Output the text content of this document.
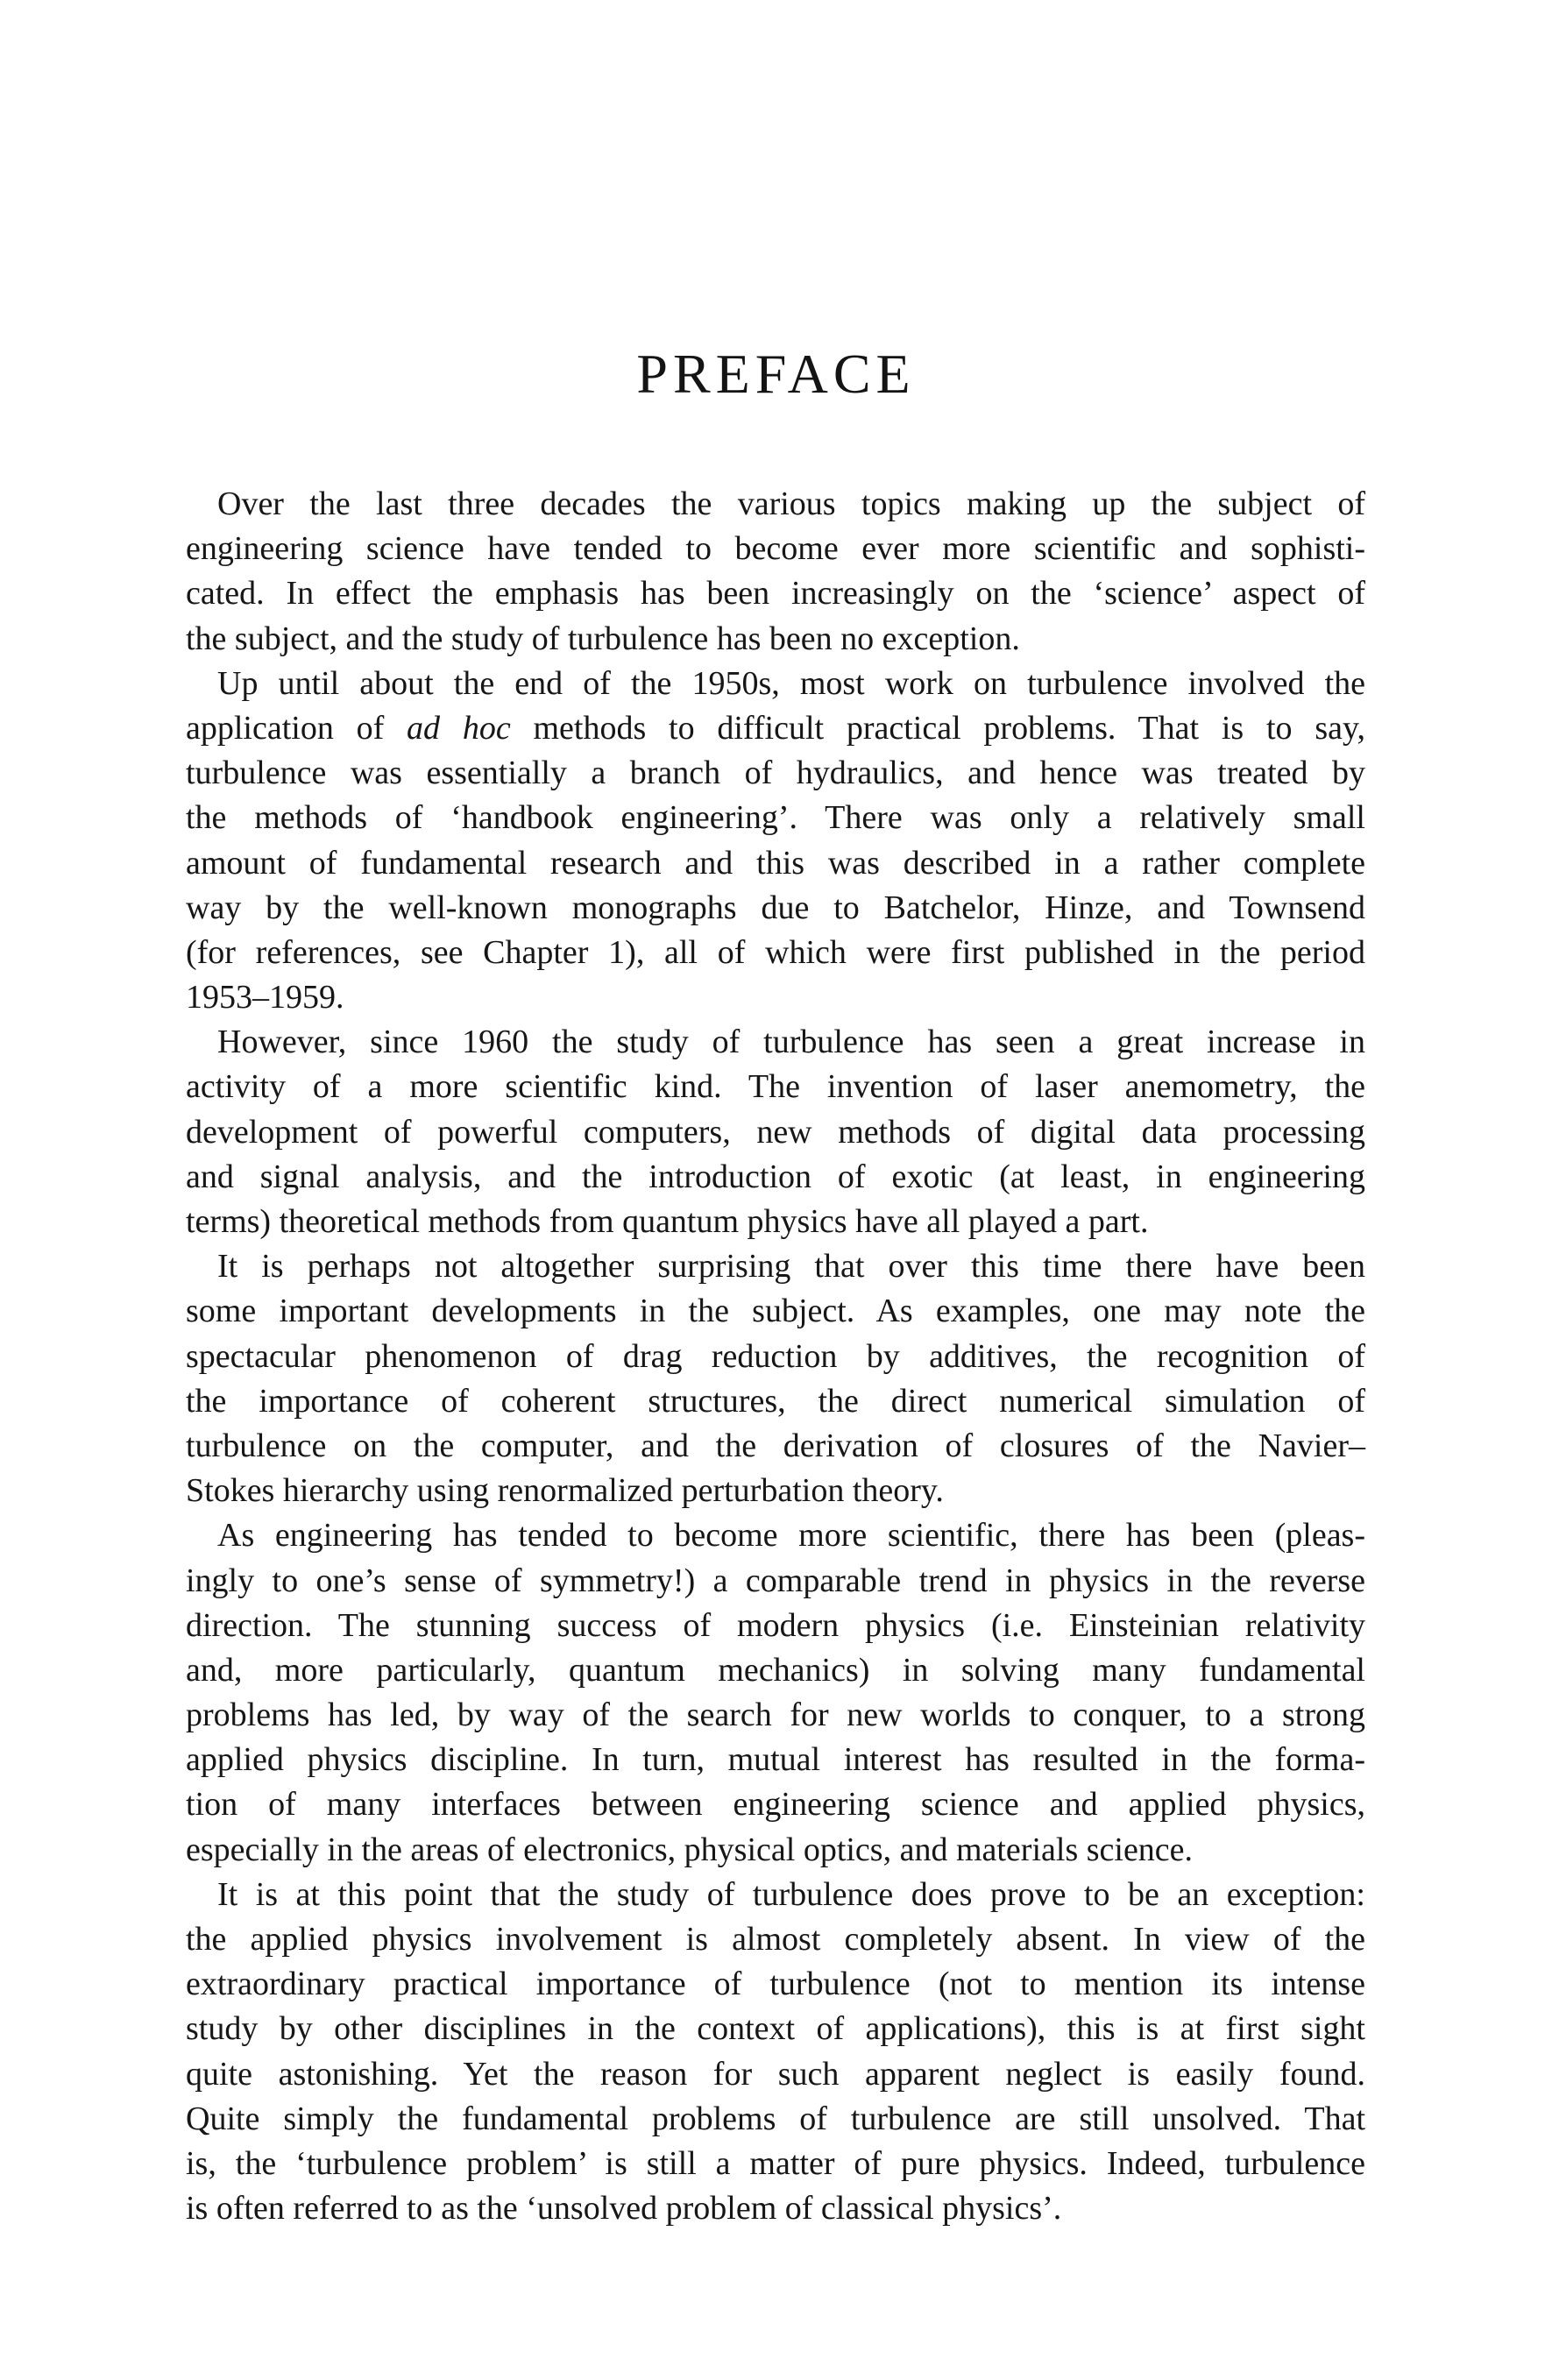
PREFACE
Over the last three decades the various topics making up the subject of
engineering science have tended to become ever more scientific and sophisti-
cated. In effect the emphasis has been increasingly on the ‘science’ aspect of
the subject, and the study of turbulence has been no exception.
Up until about the end of the 1950s, most work on turbulence involved the
application of ad hoc methods to difficult practical problems. That is to say,
turbulence was essentially a branch of hydraulics, and hence was treated by
the methods of ‘handbook engineering’. There was only a relatively small
amount of fundamental research and this was described in a rather complete
way by the well-known monographs due to Batchelor, Hinze, and Townsend
(for references, see Chapter 1), all of which were first published in the period
1953–1959.
However, since 1960 the study of turbulence has seen a great increase in
activity of a more scientific kind. The invention of laser anemometry, the
development of powerful computers, new methods of digital data processing
and signal analysis, and the introduction of exotic (at least, in engineering
terms) theoretical methods from quantum physics have all played a part.
It is perhaps not altogether surprising that over this time there have been
some important developments in the subject. As examples, one may note the
spectacular phenomenon of drag reduction by additives, the recognition of
the importance of coherent structures, the direct numerical simulation of
turbulence on the computer, and the derivation of closures of the Navier–
Stokes hierarchy using renormalized perturbation theory.
As engineering has tended to become more scientific, there has been (pleas-
ingly to one’s sense of symmetry!) a comparable trend in physics in the reverse
direction. The stunning success of modern physics (i.e. Einsteinian relativity
and, more particularly, quantum mechanics) in solving many fundamental
problems has led, by way of the search for new worlds to conquer, to a strong
applied physics discipline. In turn, mutual interest has resulted in the forma-
tion of many interfaces between engineering science and applied physics,
especially in the areas of electronics, physical optics, and materials science.
It is at this point that the study of turbulence does prove to be an exception:
the applied physics involvement is almost completely absent. In view of the
extraordinary practical importance of turbulence (not to mention its intense
study by other disciplines in the context of applications), this is at first sight
quite astonishing. Yet the reason for such apparent neglect is easily found.
Quite simply the fundamental problems of turbulence are still unsolved. That
is, the ‘turbulence problem’ is still a matter of pure physics. Indeed, turbulence
is often referred to as the ‘unsolved problem of classical physics’.
